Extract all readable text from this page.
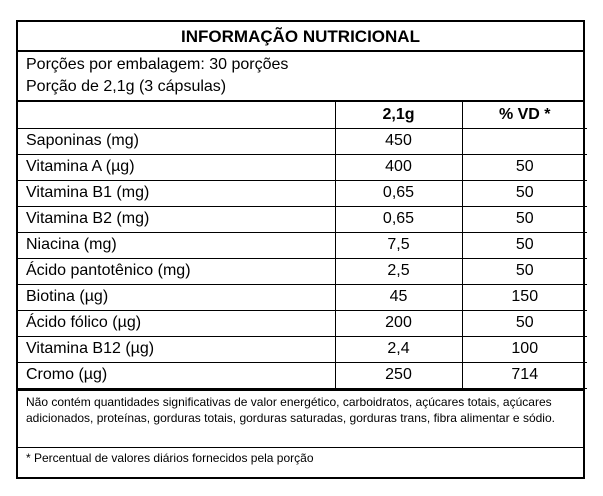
INFORMAÇÃO NUTRICIONAL
Porções por embalagem: 30 porções
Porção de 2,1g (3 cápsulas)
	2,1g	% VD *
Saponinas (mg)	450	
Vitamina A (µg)	400	50
Vitamina B1 (mg)	0,65	50
Vitamina B2 (mg)	0,65	50
Niacina (mg)	7,5	50
Ácido pantotênico (mg)	2,5	50
Biotina (µg)	45	150
Ácido fólico (µg)	200	50
Vitamina B12 (µg)	2,4	100
Cromo (µg)	250	714
Não contém quantidades significativas de valor energético, carboidratos, açúcares totais, açúcares adicionados, proteínas, gorduras totais, gorduras saturadas, gorduras trans, fibra alimentar e sódio.
* Percentual de valores diários fornecidos pela porção
